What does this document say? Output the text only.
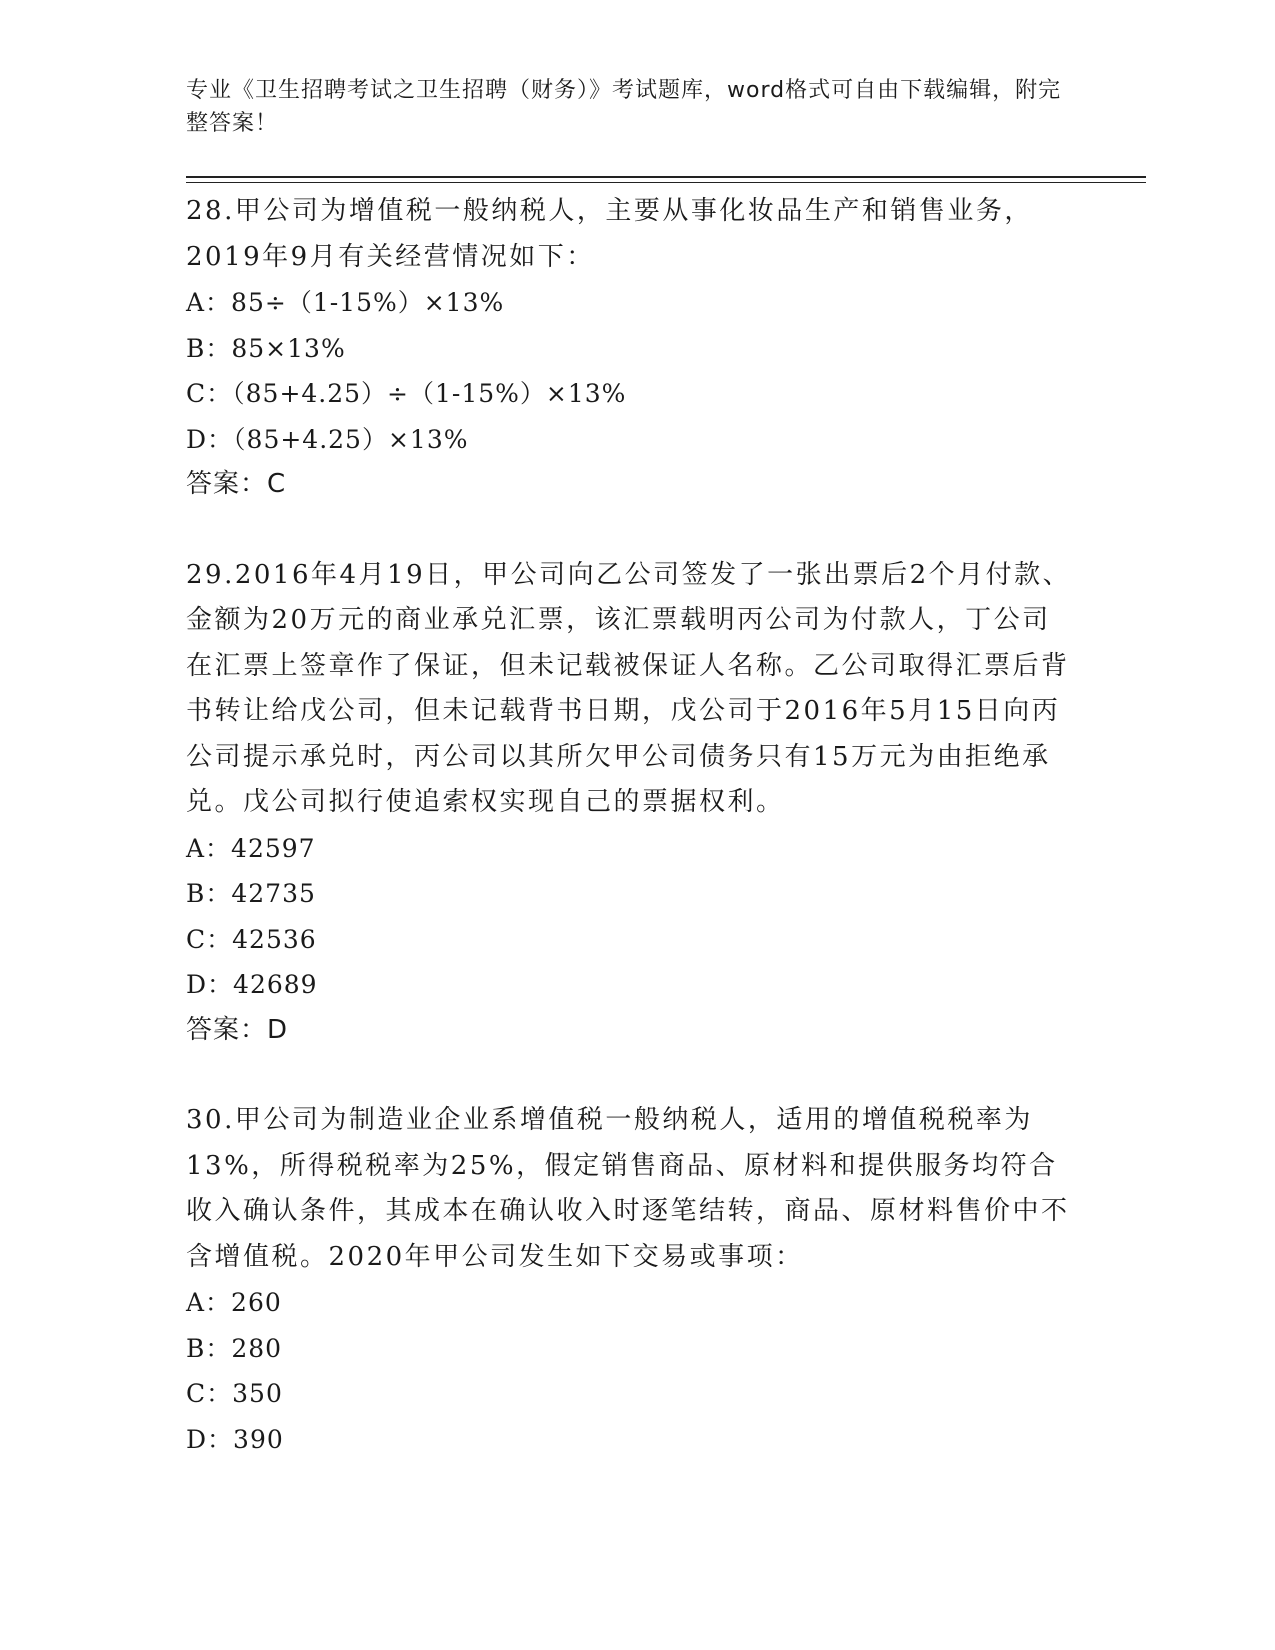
专业《卫生招聘考试之卫生招聘（财务）》考试题库，word格式可自由下载编辑，附完整答案！
28.甲公司为增值税一般纳税人，主要从事化妆品生产和销售业务，2019年9月有关经营情况如下：
A：85÷（1-15%）×13%
B：85×13%
C：（85+4.25）÷（1-15%）×13%
D：（85+4.25）×13%
答案：C
29.2016年4月19日，甲公司向乙公司签发了一张出票后2个月付款、金额为20万元的商业承兑汇票，该汇票载明丙公司为付款人，丁公司在汇票上签章作了保证，但未记载被保证人名称。乙公司取得汇票后背书转让给戊公司，但未记载背书日期，戊公司于2016年5月15日向丙公司提示承兑时，丙公司以其所欠甲公司债务只有15万元为由拒绝承兑。戊公司拟行使追索权实现自己的票据权利。
A：42597
B：42735
C：42536
D：42689
答案：D
30.甲公司为制造业企业系增值税一般纳税人，适用的增值税税率为13%，所得税税率为25%，假定销售商品、原材料和提供服务均符合收入确认条件，其成本在确认收入时逐笔结转，商品、原材料售价中不含增值税。2020年甲公司发生如下交易或事项：
A：260
B：280
C：350
D：390
